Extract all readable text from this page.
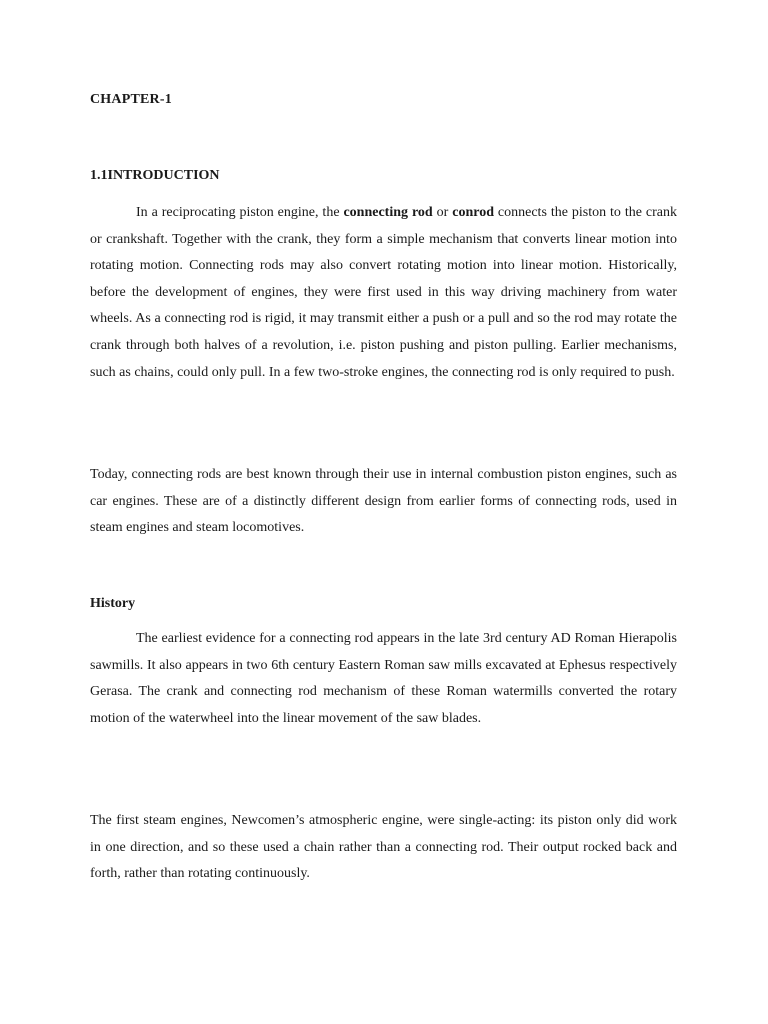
CHAPTER-1
1.1INTRODUCTION

In a reciprocating piston engine, the connecting rod or conrod connects the piston to the crank or crankshaft. Together with the crank, they form a simple mechanism that converts linear motion into rotating motion. Connecting rods may also convert rotating motion into linear motion. Historically, before the development of engines, they were first used in this way driving machinery from water wheels. As a connecting rod is rigid, it may transmit either a push or a pull and so the rod may rotate the crank through both halves of a revolution, i.e. piston pushing and piston pulling. Earlier mechanisms, such as chains, could only pull. In a few two-stroke engines, the connecting rod is only required to push.

Today, connecting rods are best known through their use in internal combustion piston engines, such as car engines. These are of a distinctly different design from earlier forms of connecting rods, used in steam engines and steam locomotives.

History

The earliest evidence for a connecting rod appears in the late 3rd century AD Roman Hierapolis sawmills. It also appears in two 6th century Eastern Roman saw mills excavated at Ephesus respectively Gerasa. The crank and connecting rod mechanism of these Roman watermills converted the rotary motion of the waterwheel into the linear movement of the saw blades.

The first steam engines, Newcomen’s atmospheric engine, were single-acting: its piston only did work in one direction, and so these used a chain rather than a connecting rod. Their output rocked back and forth, rather than rotating continuously.
